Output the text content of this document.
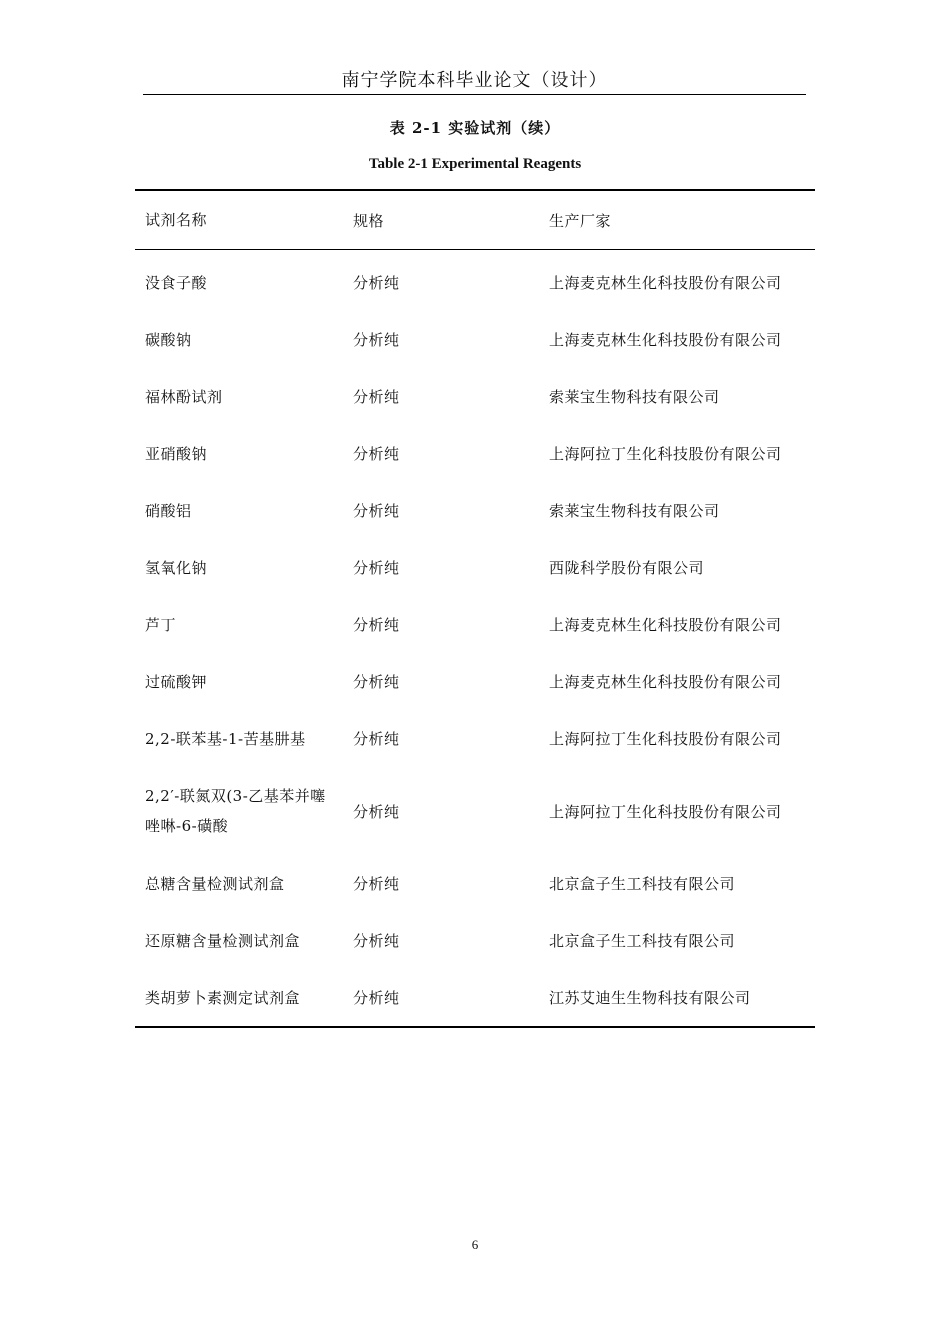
南宁学院本科毕业论文（设计）
表 2-1 实验试剂（续）
Table 2-1 Experimental Reagents
试剂名称	规格	生产厂家
没食子酸	分析纯	上海麦克林生化科技股份有限公司
碳酸钠	分析纯	上海麦克林生化科技股份有限公司
福林酚试剂	分析纯	索莱宝生物科技有限公司
亚硝酸钠	分析纯	上海阿拉丁生化科技股份有限公司
硝酸铝	分析纯	索莱宝生物科技有限公司
氢氧化钠	分析纯	西陇科学股份有限公司
芦丁	分析纯	上海麦克林生化科技股份有限公司
过硫酸钾	分析纯	上海麦克林生化科技股份有限公司
2,2-联苯基-1-苦基肼基	分析纯	上海阿拉丁生化科技股份有限公司
2,2′-联氮双(3-乙基苯并噻
唑啉-6-磺酸
分析纯	上海阿拉丁生化科技股份有限公司
总糖含量检测试剂盒	分析纯	北京盒子生工科技有限公司
还原糖含量检测试剂盒	分析纯	北京盒子生工科技有限公司
类胡萝卜素测定试剂盒	分析纯	江苏艾迪生生物科技有限公司
6
